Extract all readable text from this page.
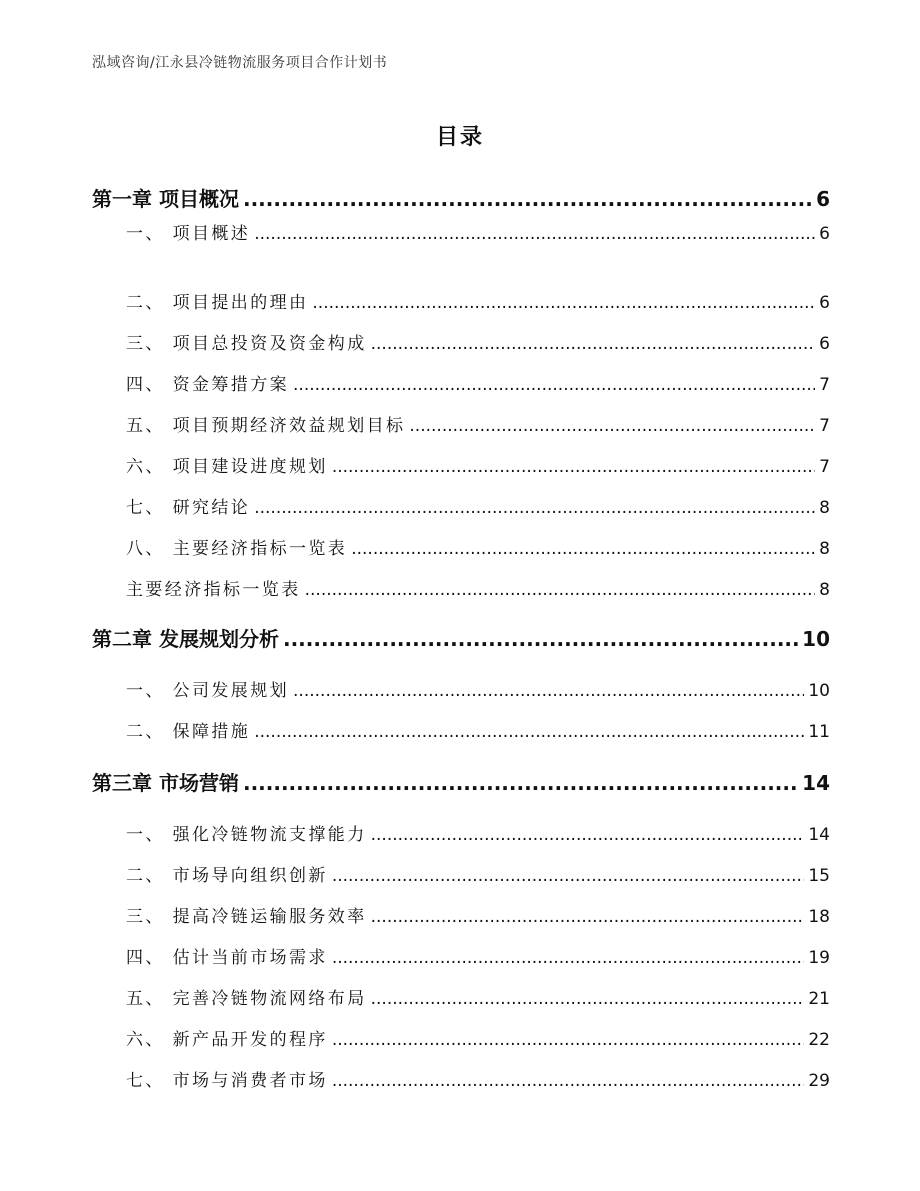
泓域咨询/江永县冷链物流服务项目合作计划书
目录
第一章 项目概况 .....	6
一、 项目概述 .....	6
二、 项目提出的理由 .....	6
三、 项目总投资及资金构成 .....	6
四、 资金筹措方案 .....	7
五、 项目预期经济效益规划目标 .....	7
六、 项目建设进度规划 .....	7
七、 研究结论 .....	8
八、 主要经济指标一览表 .....	8
主要经济指标一览表 .....	8
第二章 发展规划分析 .....	10
一、 公司发展规划 .....	10
二、 保障措施 .....	11
第三章 市场营销 .....	14
一、 强化冷链物流支撑能力 .....	14
二、 市场导向组织创新 .....	15
三、 提高冷链运输服务效率 .....	18
四、 估计当前市场需求 .....	19
五、 完善冷链物流网络布局 .....	21
六、 新产品开发的程序 .....	22
七、 市场与消费者市场 .....	29
